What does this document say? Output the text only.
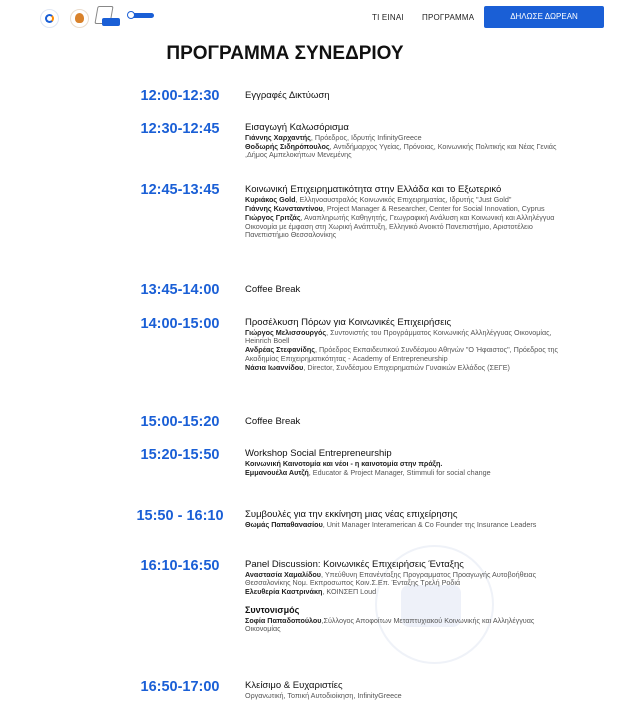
ΤΙ ΕΙΝΑΙ ΠΡΟΓΡΑΜΜΑ	ΔΗΛΩΣΕ ΔΩΡΕΑΝ ΣΥΜΜΕΤΟΧΗ
ΠΡΟΓΡΑΜΜΑ ΣΥΝΕΔΡΙΟΥ
12:00-12:30	Εγγραφές Δικτύωση
12:30-12:45	Εισαγωγή Καλωσόρισμα
Γιάννης Χαρχαντής, Πρόεδρος, Ιδρυτής InfinityGreece
Θοδωρής Σιδηρόπουλος, Αντιδήμαρχος Υγείας, Πρόνοιας, Κοινωνικής Πολιτικής και Νέας Γενιάς ,Δήμος Αμπελοκήπων Μενεμένης
12:45-13:45	Κοινωνική Επιχειρηματικότητα στην Ελλάδα και το Εξωτερικό
Κυριάκος Gold, Ελληνοαυστραλός Κοινωνικός Επιχειρηματίας, Ιδρυτής "Just Gold"
Γιάννης Κωνσταντίνου, Project Manager & Researcher, Center for Social Innovation, Cyprus
Γιώργος Γριτζάς, Αναπληρωτής Καθηγητής, Γεωγραφική Ανάλυση και Κοινωνική και Αλληλέγγυα Οικονομία με έμφαση στη Χωρική Ανάπτυξη, Ελληνικό Ανοικτό Πανεπιστήμιο, Αριστοτέλειο Πανεπιστήμιο Θεσσαλονίκης
13:45-14:00	Coffee Break
14:00-15:00	Προσέλκυση Πόρων για Κοινωνικές Επιχειρήσεις
Γιώργος Μελισσουργός, Συντονιστής του Προγράμματος Κοινωνικής Αλληλέγγυας Οικονομίας, Heinrich Boell
Ανδρέας Στεφανίδης, Πρόεδρος Εκπαιδευτικού Συνδέσμου Αθηνών "Ο Ήφαιστος", Πρόεδρος της Ακαδημίας Επιχειρηματικότητας - Academy of Entrepreneurship
Νάσια Ιωαννίδου, Director, Συνδέσμου Επιχειρηματιών Γυναικών Ελλάδος (ΣΕΓΕ)
15:00-15:20	Coffee Break
15:20-15:50	Workshop Social Entrepreneurship
Κοινωνική Καινοτομία και νέοι - η καινοτομία στην πράξη.
Εμμανουέλα Αυτζή, Educator & Project Manager, Stimmuli for social change
15:50 - 16:10	Συμβουλές για την εκκίνηση μιας νέας επιχείρησης
Θωμάς Παπαθανασίου, Unit Manager Interamerican & Co Founder της Insurance Leaders
16:10-16:50	Panel Discussion: Κοινωνικές Επιχειρήσεις Ένταξης
Αναστασία Χαμαλίδου, Υπεύθυνη Επανένταξης Προγραμματος Προαγωγής Αυτοβοήθειας Θεσσαλονίκης Νομ. Εκπροσωπος Κοιν.Σ.Επ. Ένταξης Τρελή Ροδιά
Ελευθερία Καστρινάκη, ΚΟΙΝΣΕΠ Loud
Συντονισμός
Σοφία Παπαδοπούλου,Σύλλογος Αποφοίτων Μεταπτυχιακού Κοινωνικής και Αλληλέγγυας Οικονομίας
16:50-17:00	Κλείσιμο & Ευχαριστίες
Οργανωτική, Τοπική Αυτοδιοίκηση, InfinityGreece
